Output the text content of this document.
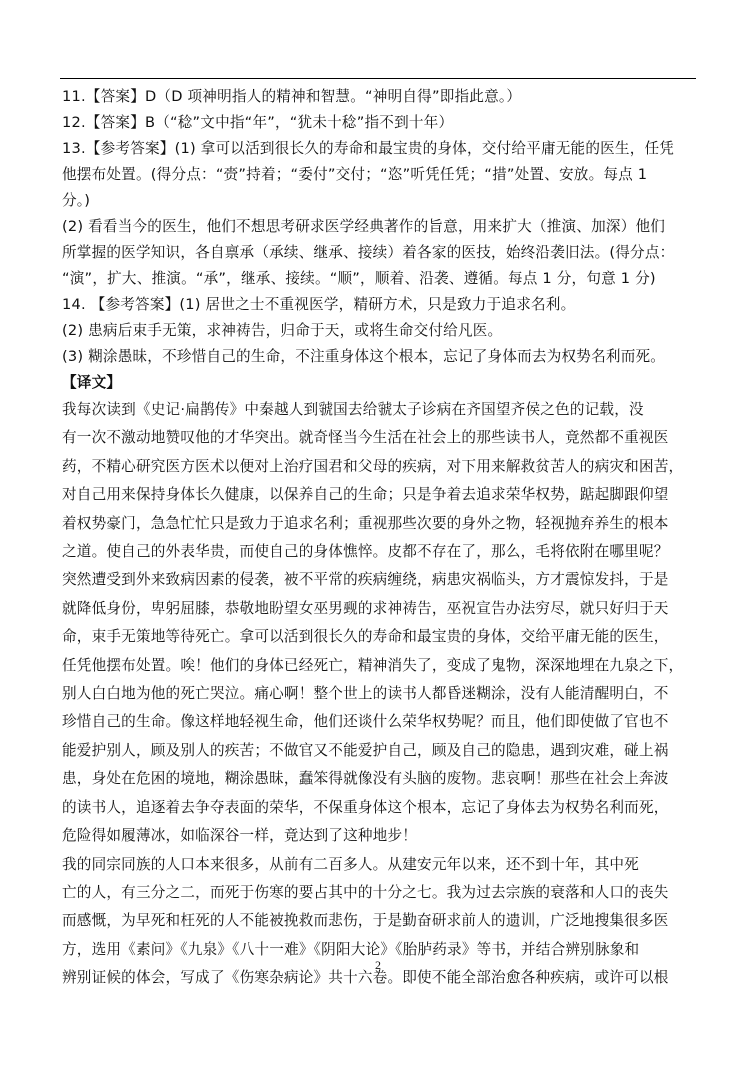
11.【答案】D（D 项神明指人的精神和智慧。“神明自得”即指此意。）

12.【答案】B（“稔”文中指“年”，“犹未十稔”指不到十年）

13.【参考答案】(1) 拿可以活到很长久的寿命和最宝贵的身体，交付给平庸无能的医生，任凭

他摆布处置。(得分点：“赍”持着；“委付”交付；“恣”听凭任凭；“措”处置、安放。每点 1

分。)

(2) 看看当今的医生，他们不想思考研求医学经典著作的旨意，用来扩大（推演、加深）他们

所掌握的医学知识，各自禀承（承续、继承、接续）着各家的医技，始终沿袭旧法。(得分点：

“演”，扩大、推演。“承”，继承、接续。“顺”，顺着、沿袭、遵循。每点 1 分，句意 1 分)

14. 【参考答案】(1) 居世之士不重视医学，精研方术，只是致力于追求名利。

(2) 患病后束手无策，求神祷告，归命于天，或将生命交付给凡医。

(3) 糊涂愚昧，不珍惜自己的生命，不注重身体这个根本，忘记了身体而去为权势名利而死。

【译文】

我每次读到《史记·扁鹊传》中秦越人到虢国去给虢太子诊病在齐国望齐侯之色的记载，没

有一次不激动地赞叹他的才华突出。就奇怪当今生活在社会上的那些读书人，竟然都不重视医

药，不精心研究医方医术以便对上治疗国君和父母的疾病，对下用来解救贫苦人的病灾和困苦，

对自己用来保持身体长久健康，以保养自己的生命；只是争着去追求荣华权势，踮起脚跟仰望

着权势豪门，急急忙忙只是致力于追求名利；重视那些次要的身外之物，轻视抛弃养生的根本

之道。使自己的外表华贵，而使自己的身体憔悴。皮都不存在了，那么，毛将依附在哪里呢？

突然遭受到外来致病因素的侵袭，被不平常的疾病缠绕，病患灾祸临头，方才震惊发抖，于是

就降低身份，卑躬屈膝，恭敬地盼望女巫男觋的求神祷告，巫祝宣告办法穷尽，就只好归于天

命，束手无策地等待死亡。拿可以活到很长久的寿命和最宝贵的身体，交给平庸无能的医生，

任凭他摆布处置。唉！他们的身体已经死亡，精神消失了，变成了鬼物，深深地埋在九泉之下，

别人白白地为他的死亡哭泣。痛心啊！整个世上的读书人都昏迷糊涂，没有人能清醒明白，不

珍惜自己的生命。像这样地轻视生命，他们还谈什么荣华权势呢？而且，他们即使做了官也不

能爱护别人，顾及别人的疾苦；不做官又不能爱护自己，顾及自己的隐患，遇到灾难，碰上祸

患，身处在危困的境地，糊涂愚昧，蠢笨得就像没有头脑的废物。悲哀啊！那些在社会上奔波

的读书人，追逐着去争夺表面的荣华，不保重身体这个根本，忘记了身体去为权势名利而死，

危险得如履薄冰，如临深谷一样，竟达到了这种地步！

我的同宗同族的人口本来很多，从前有二百多人。从建安元年以来，还不到十年，其中死

亡的人，有三分之二，而死于伤寒的要占其中的十分之七。我为过去宗族的衰落和人口的丧失

而感慨，为早死和枉死的人不能被挽救而悲伤，于是勤奋研求前人的遗训，广泛地搜集很多医

方，选用《素问》《九泉》《八十一难》《阴阳大论》《胎胪药录》等书，并结合辨别脉象和

辨别证候的体会，写成了《伤寒杂病论》共十六卷。即使不能全部治愈各种疾病，或许可以根

2
